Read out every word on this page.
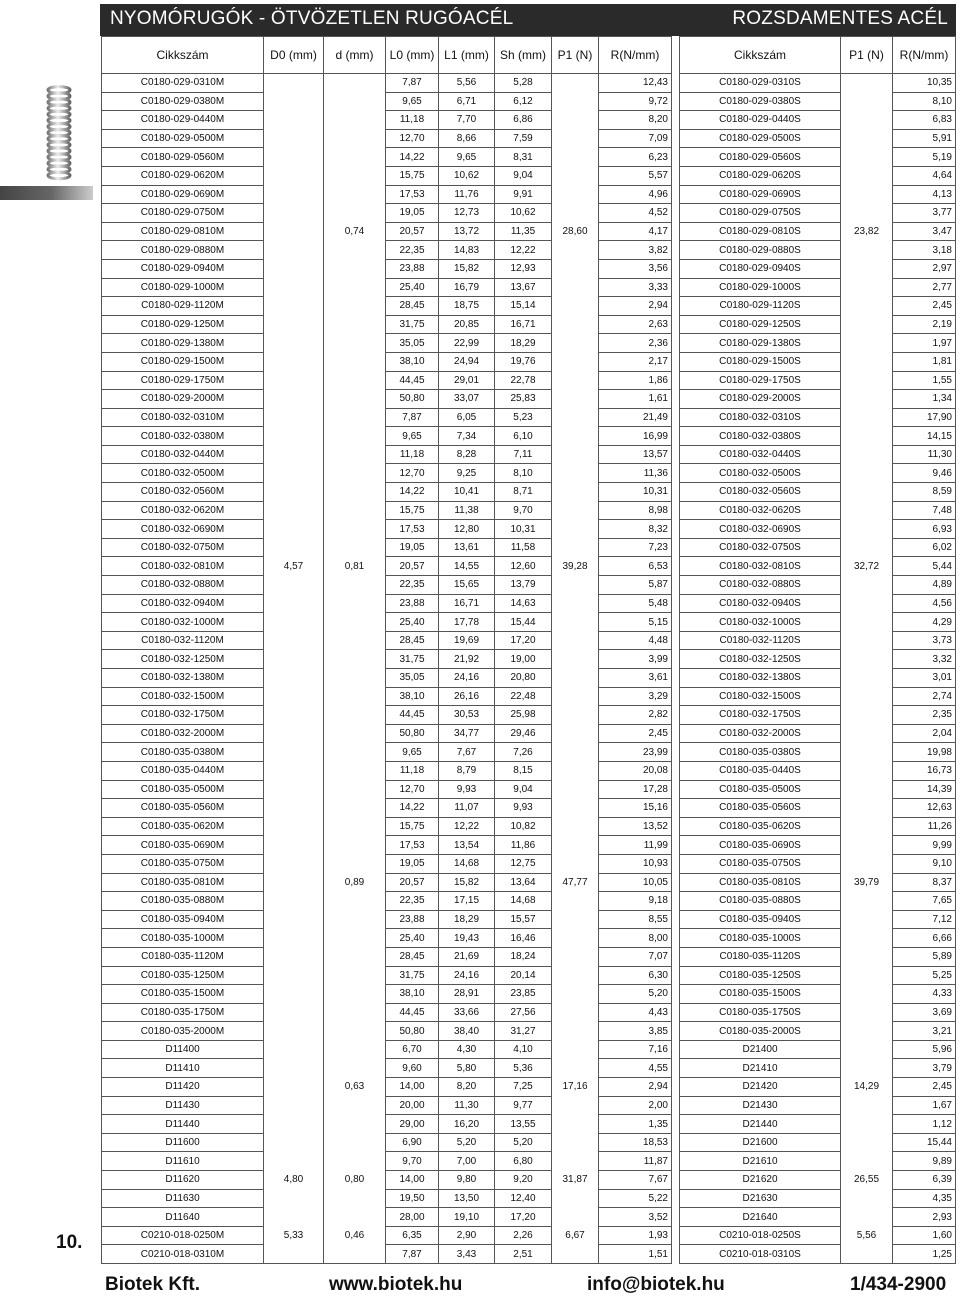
NYOMÓRUGÓK - ÖTVÖZETLEN RUGÓACÉL	ROZSDAMENTES ACÉL
10.
Cikkszám	D0 (mm)	d (mm)	L0 (mm)	L1 (mm)	Sh (mm)	P1 (N)	R(N/mm)
C0180-029-0310M			7,87	5,56	5,28		12,43
C0180-029-0380M			9,65	6,71	6,12		9,72
C0180-029-0440M			11,18	7,70	6,86		8,20
C0180-029-0500M			12,70	8,66	7,59		7,09
C0180-029-0560M			14,22	9,65	8,31		6,23
C0180-029-0620M			15,75	10,62	9,04		5,57
C0180-029-0690M			17,53	11,76	9,91		4,96
C0180-029-0750M			19,05	12,73	10,62		4,52
C0180-029-0810M		0,74	20,57	13,72	11,35	28,60	4,17
C0180-029-0880M			22,35	14,83	12,22		3,82
C0180-029-0940M			23,88	15,82	12,93		3,56
C0180-029-1000M			25,40	16,79	13,67		3,33
C0180-029-1120M			28,45	18,75	15,14		2,94
C0180-029-1250M			31,75	20,85	16,71		2,63
C0180-029-1380M			35,05	22,99	18,29		2,36
C0180-029-1500M			38,10	24,94	19,76		2,17
C0180-029-1750M			44,45	29,01	22,78		1,86
C0180-029-2000M			50,80	33,07	25,83		1,61
C0180-032-0310M			7,87	6,05	5,23		21,49
C0180-032-0380M			9,65	7,34	6,10		16,99
C0180-032-0440M			11,18	8,28	7,11		13,57
C0180-032-0500M			12,70	9,25	8,10		11,36
C0180-032-0560M			14,22	10,41	8,71		10,31
C0180-032-0620M			15,75	11,38	9,70		8,98
C0180-032-0690M			17,53	12,80	10,31		8,32
C0180-032-0750M			19,05	13,61	11,58		7,23
C0180-032-0810M	4,57	0,81	20,57	14,55	12,60	39,28	6,53
C0180-032-0880M			22,35	15,65	13,79		5,87
C0180-032-0940M			23,88	16,71	14,63		5,48
C0180-032-1000M			25,40	17,78	15,44		5,15
C0180-032-1120M			28,45	19,69	17,20		4,48
C0180-032-1250M			31,75	21,92	19,00		3,99
C0180-032-1380M			35,05	24,16	20,80		3,61
C0180-032-1500M			38,10	26,16	22,48		3,29
C0180-032-1750M			44,45	30,53	25,98		2,82
C0180-032-2000M			50,80	34,77	29,46		2,45
C0180-035-0380M			9,65	7,67	7,26		23,99
C0180-035-0440M			11,18	8,79	8,15		20,08
C0180-035-0500M			12,70	9,93	9,04		17,28
C0180-035-0560M			14,22	11,07	9,93		15,16
C0180-035-0620M			15,75	12,22	10,82		13,52
C0180-035-0690M			17,53	13,54	11,86		11,99
C0180-035-0750M			19,05	14,68	12,75		10,93
C0180-035-0810M		0,89	20,57	15,82	13,64	47,77	10,05
C0180-035-0880M			22,35	17,15	14,68		9,18
C0180-035-0940M			23,88	18,29	15,57		8,55
C0180-035-1000M			25,40	19,43	16,46		8,00
C0180-035-1120M			28,45	21,69	18,24		7,07
C0180-035-1250M			31,75	24,16	20,14		6,30
C0180-035-1500M			38,10	28,91	23,85		5,20
C0180-035-1750M			44,45	33,66	27,56		4,43
C0180-035-2000M			50,80	38,40	31,27		3,85
D11400			6,70	4,30	4,10		7,16
D11410			9,60	5,80	5,36		4,55
D11420		0,63	14,00	8,20	7,25	17,16	2,94
D11430			20,00	11,30	9,77		2,00
D11440			29,00	16,20	13,55		1,35
D11600			6,90	5,20	5,20		18,53
D11610			9,70	7,00	6,80		11,87
D11620	4,80	0,80	14,00	9,80	9,20	31,87	7,67
D11630			19,50	13,50	12,40		5,22
D11640			28,00	19,10	17,20		3,52
C0210-018-0250M	5,33	0,46	6,35	2,90	2,26	6,67	1,93
C0210-018-0310M			7,87	3,43	2,51		1,51
Cikkszám	P1 (N)	R(N/mm)
C0180-029-0310S		10,35
C0180-029-0380S		8,10
C0180-029-0440S		6,83
C0180-029-0500S		5,91
C0180-029-0560S		5,19
C0180-029-0620S		4,64
C0180-029-0690S		4,13
C0180-029-0750S		3,77
C0180-029-0810S	23,82	3,47
C0180-029-0880S		3,18
C0180-029-0940S		2,97
C0180-029-1000S		2,77
C0180-029-1120S		2,45
C0180-029-1250S		2,19
C0180-029-1380S		1,97
C0180-029-1500S		1,81
C0180-029-1750S		1,55
C0180-029-2000S		1,34
C0180-032-0310S		17,90
C0180-032-0380S		14,15
C0180-032-0440S		11,30
C0180-032-0500S		9,46
C0180-032-0560S		8,59
C0180-032-0620S		7,48
C0180-032-0690S		6,93
C0180-032-0750S		6,02
C0180-032-0810S	32,72	5,44
C0180-032-0880S		4,89
C0180-032-0940S		4,56
C0180-032-1000S		4,29
C0180-032-1120S		3,73
C0180-032-1250S		3,32
C0180-032-1380S		3,01
C0180-032-1500S		2,74
C0180-032-1750S		2,35
C0180-032-2000S		2,04
C0180-035-0380S		19,98
C0180-035-0440S		16,73
C0180-035-0500S		14,39
C0180-035-0560S		12,63
C0180-035-0620S		11,26
C0180-035-0690S		9,99
C0180-035-0750S		9,10
C0180-035-0810S	39,79	8,37
C0180-035-0880S		7,65
C0180-035-0940S		7,12
C0180-035-1000S		6,66
C0180-035-1120S		5,89
C0180-035-1250S		5,25
C0180-035-1500S		4,33
C0180-035-1750S		3,69
C0180-035-2000S		3,21
D21400		5,96
D21410		3,79
D21420	14,29	2,45
D21430		1,67
D21440		1,12
D21600		15,44
D21610		9,89
D21620	26,55	6,39
D21630		4,35
D21640		2,93
C0210-018-0250S	5,56	1,60
C0210-018-0310S		1,25
Biotek Kft.	www.biotek.hu	info@biotek.hu	1/434-2900
